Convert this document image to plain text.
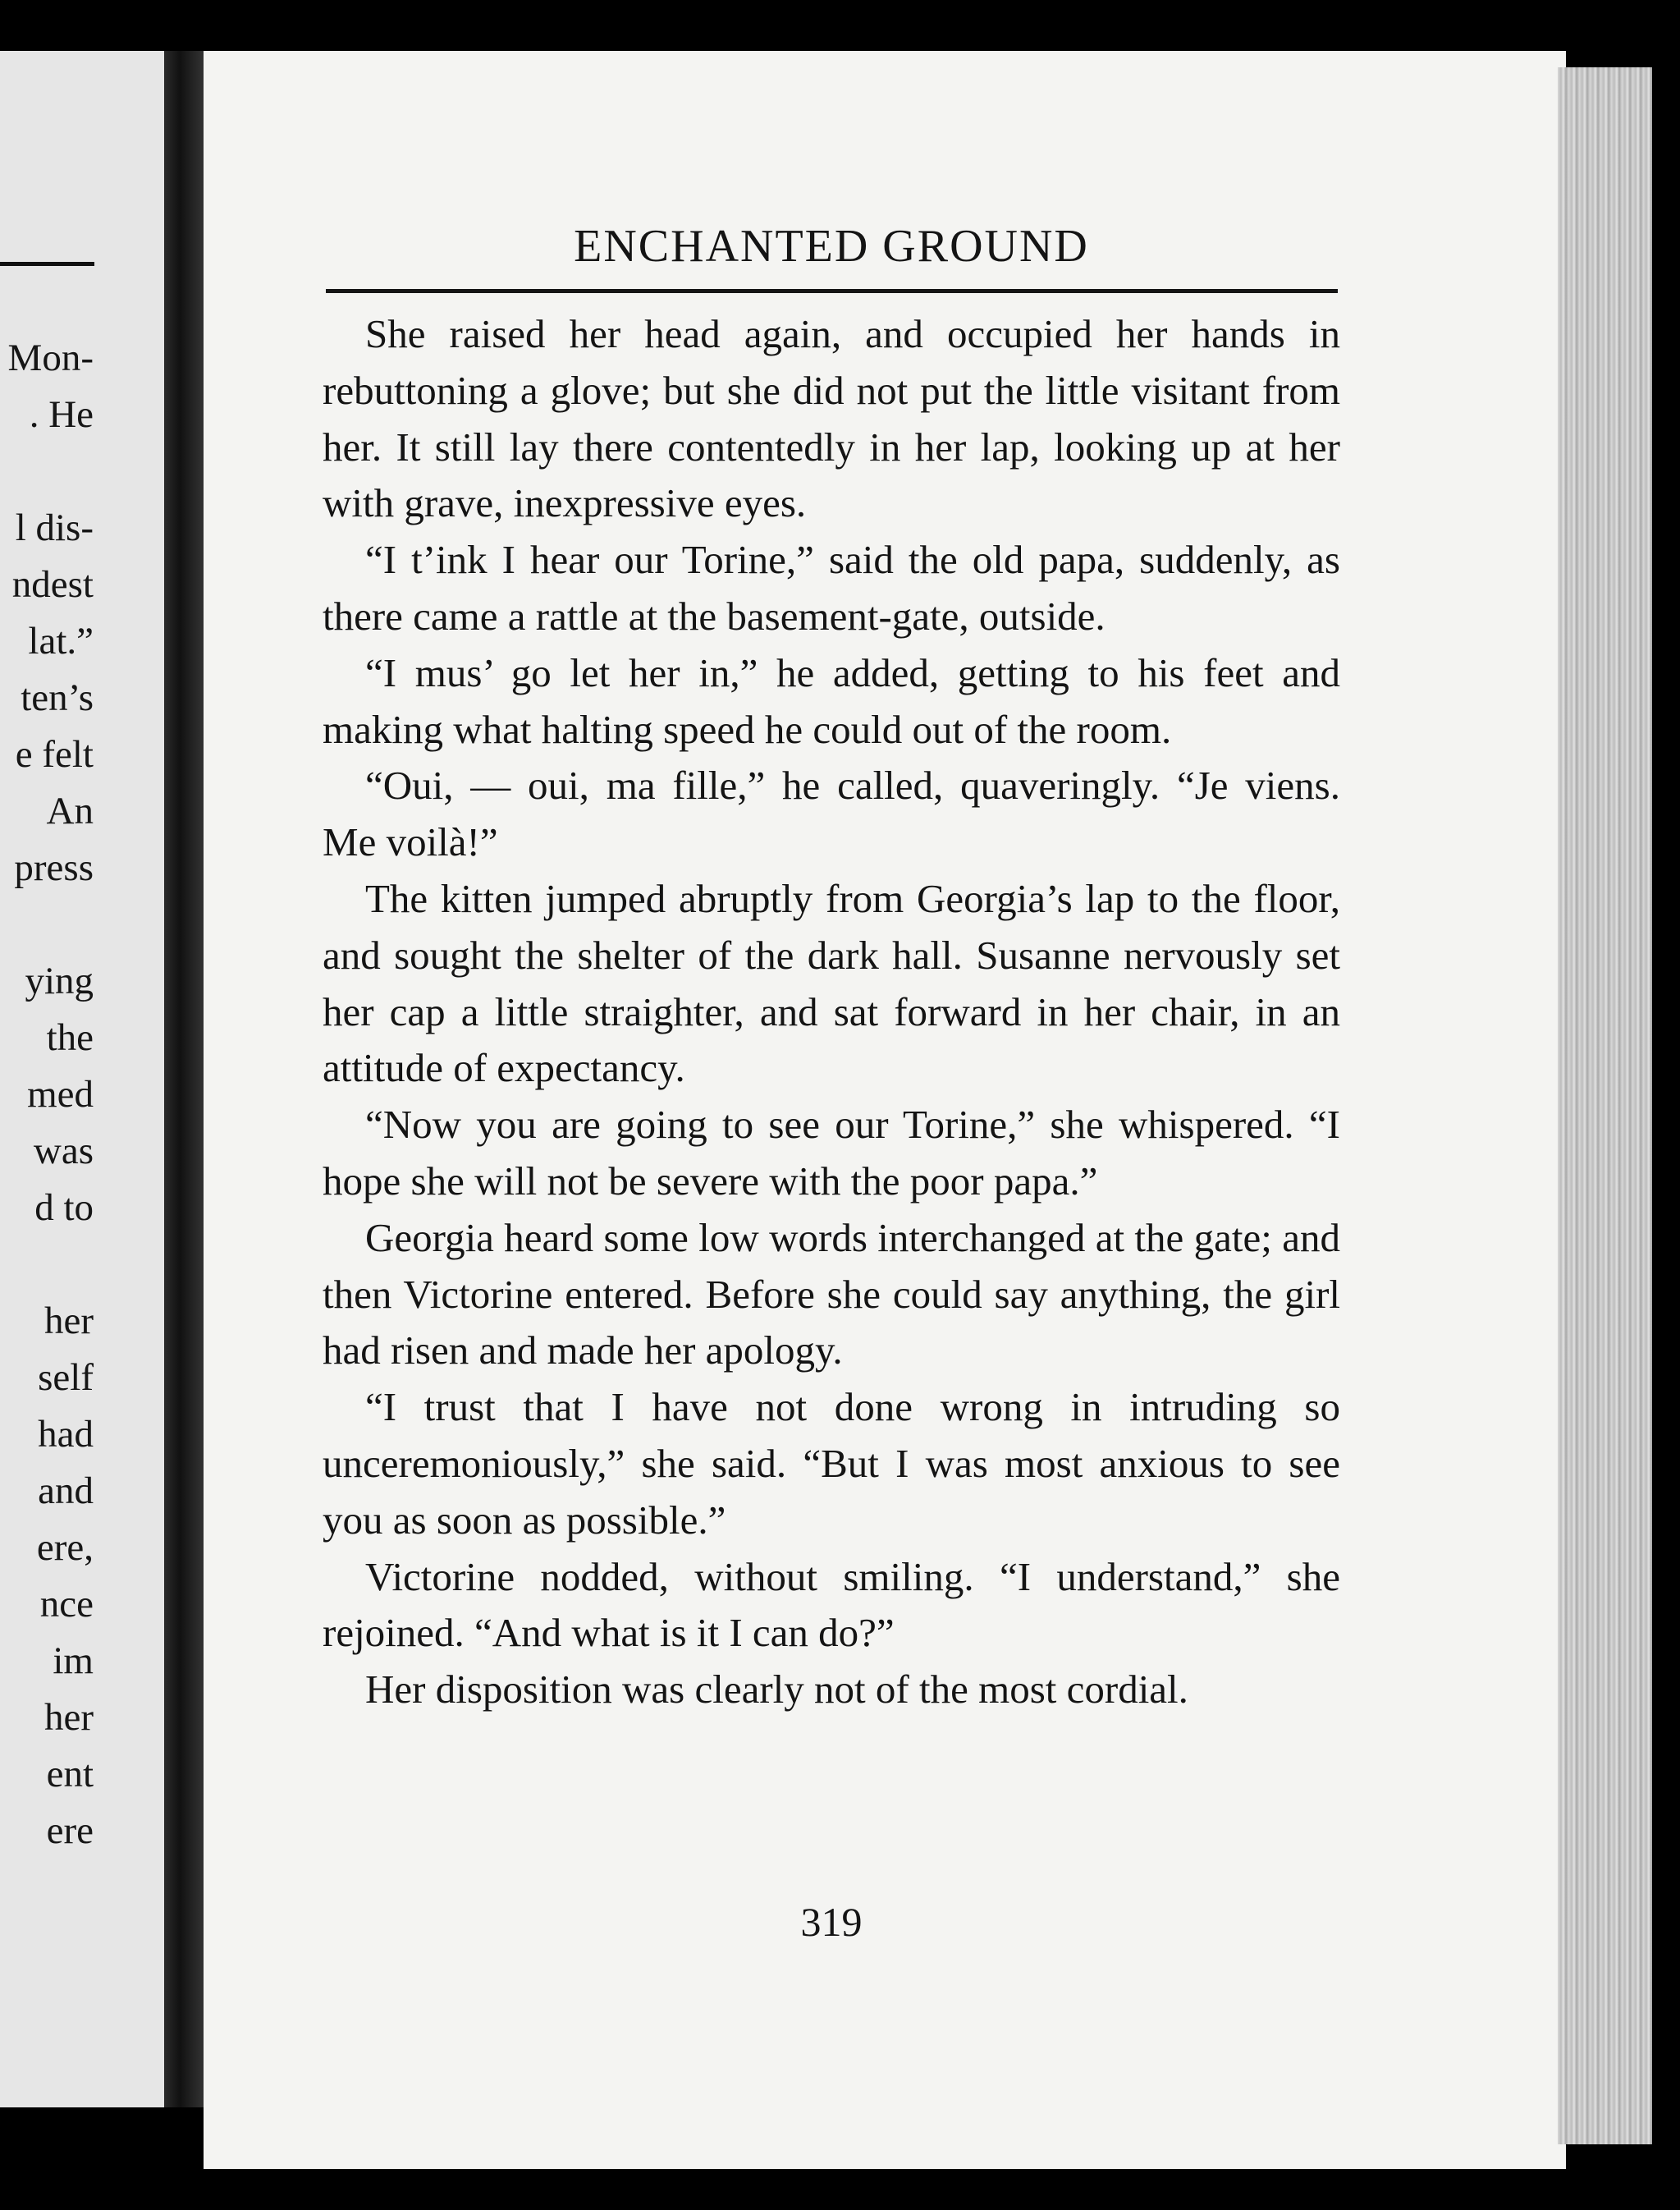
Mon-
. He
l dis-
ndest
lat.”
ten’s
e felt
An
press
ying
the
med
was
d to
her
self
had
and
ere,
nce
im
her
ent
ere
ENCHANTED GROUND

She raised her head again, and occupied her hands in rebuttoning a glove; but she did not put the little visitant from her. It still lay there contentedly in her lap, looking up at her with grave, inexpressive eyes.

“I t’ink I hear our Torine,” said the old papa, suddenly, as there came a rattle at the basement-gate, outside.

“I mus’ go let her in,” he added, getting to his feet and making what halting speed he could out of the room.

“Oui, — oui, ma fille,” he called, quaveringly. “Je viens. Me voilà!”

The kitten jumped abruptly from Georgia’s lap to the floor, and sought the shelter of the dark hall. Susanne nervously set her cap a little straighter, and sat forward in her chair, in an attitude of expectancy.

“Now you are going to see our Torine,” she whispered. “I hope she will not be severe with the poor papa.”

Georgia heard some low words interchanged at the gate; and then Victorine entered. Before she could say anything, the girl had risen and made her apology.

“I trust that I have not done wrong in intruding so unceremoniously,” she said. “But I was most anxious to see you as soon as possible.”

Victorine nodded, without smiling. “I understand,” she rejoined. “And what is it I can do?”

Her disposition was clearly not of the most cordial.

319
